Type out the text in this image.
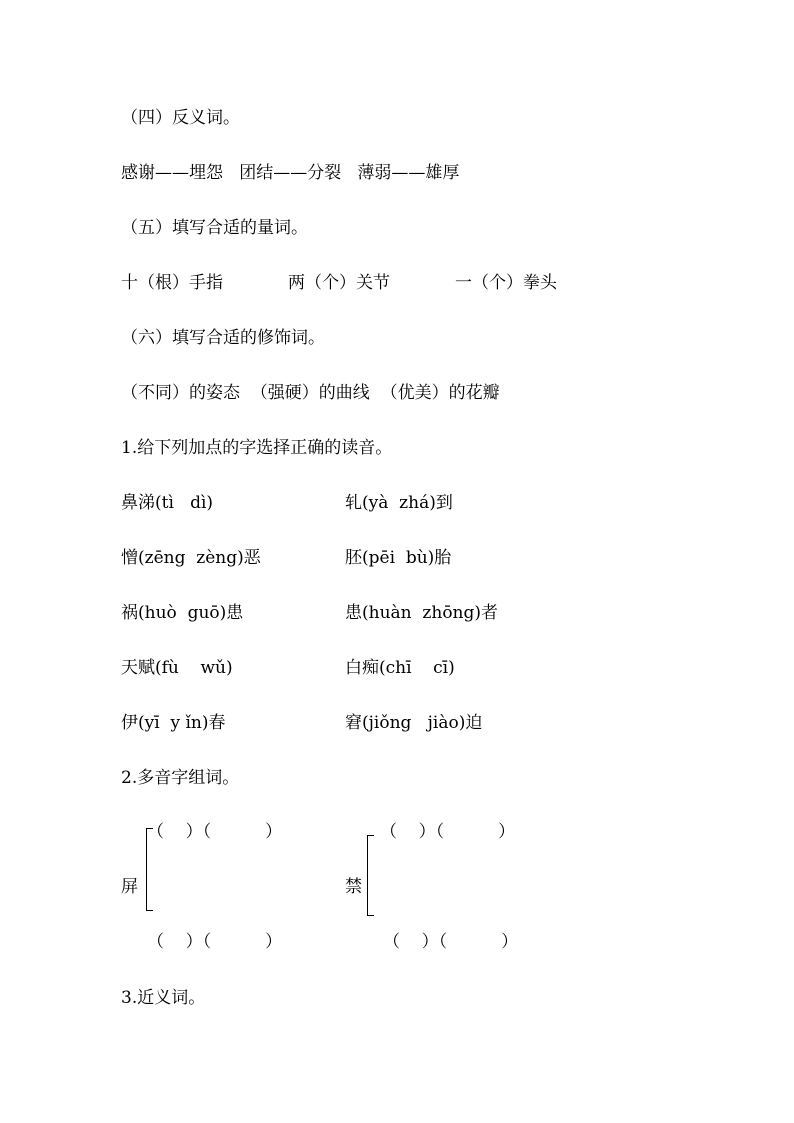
（四）反义词。
感谢——埋怨   团结——分裂   薄弱——雄厚
（五）填写合适的量词。
十（根）手指	两（个）关节	一（个）拳头
（六）填写合适的修饰词。
（不同）的姿态  （强硬）的曲线  （优美）的花瓣
1.给下列加点的字选择正确的读音。
鼻涕(tì   dì)	轧(yà  zhá)到
憎(zēng  zèng)恶	胚(pēi  bù)胎
祸(huò  guō)患	患(huàn  zhōng)者
天赋(fù    wǔ)	白痴(chī    cī)
伊(yī  y ǐn)春	窘(jiǒng   jiào)迫
2.多音字组词。
（    ）（          ）
屏
（    ）（          ）
（    ）（          ）
禁
（    ）（          ）
3.近义词。
